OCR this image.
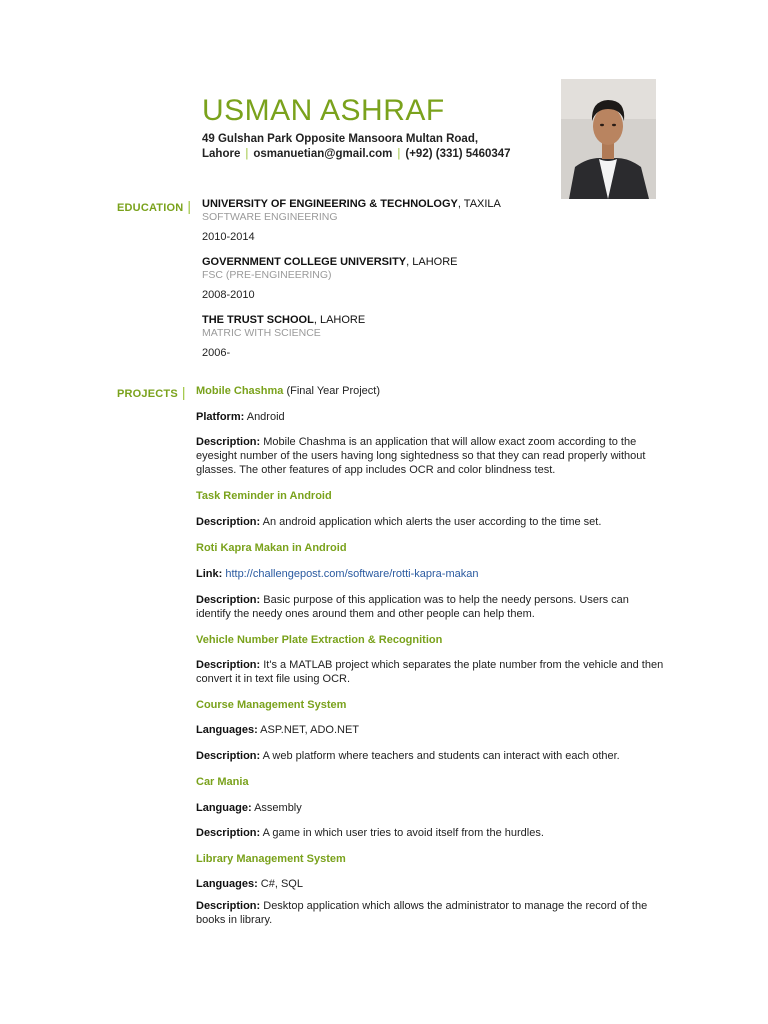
USMAN ASHRAF
49 Gulshan Park Opposite Mansoora Multan Road,
Lahore | osmanuetian@gmail.com | (+92) (331) 5460347
EDUCATION | UNIVERSITY OF ENGINEERING & TECHNOLOGY, TAXILA
SOFTWARE ENGINEERING
2010-2014
GOVERNMENT COLLEGE UNIVERSITY, LAHORE
FSC (PRE-ENGINEERING)
2008-2010
THE TRUST SCHOOL, LAHORE
MATRIC WITH SCIENCE
2006-
PROJECTS | Mobile Chashma (Final Year Project)
Platform: Android
Description: Mobile Chashma is an application that will allow exact zoom according to the eyesight number of the users having long sightedness so that they can read properly without glasses. The other features of app includes OCR and color blindness test.
Task Reminder in Android
Description: An android application which alerts the user according to the time set.
Roti Kapra Makan in Android
Link: http://challengepost.com/software/rotti-kapra-makan
Description: Basic purpose of this application was to help the needy persons. Users can identify the needy ones around them and other people can help them.
Vehicle Number Plate Extraction & Recognition
Description: It's a MATLAB project which separates the plate number from the vehicle and then convert it in text file using OCR.
Course Management System
Languages: ASP.NET, ADO.NET
Description: A web platform where teachers and students can interact with each other.
Car Mania
Language: Assembly
Description: A game in which user tries to avoid itself from the hurdles.
Library Management System
Languages: C#, SQL
Description: Desktop application which allows the administrator to manage the record of the books in library.
